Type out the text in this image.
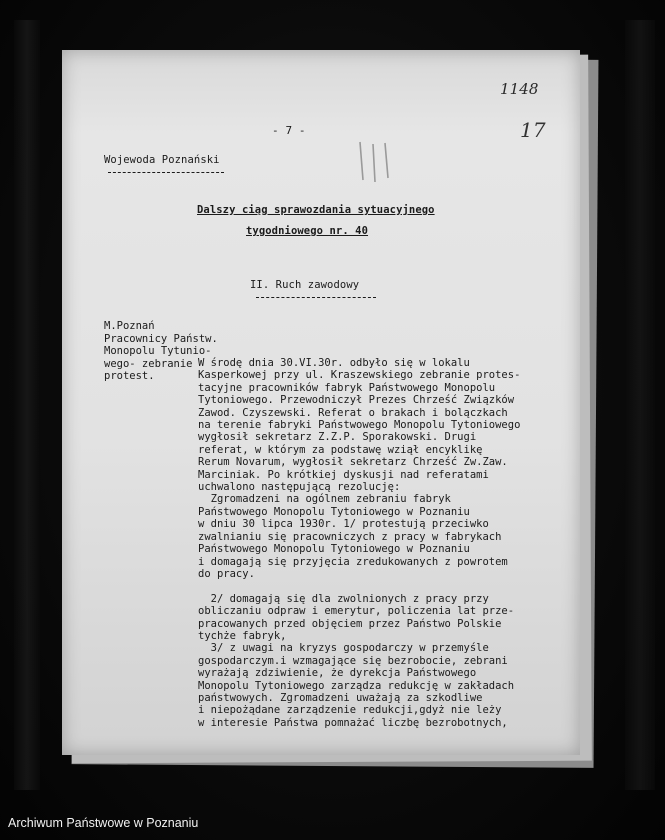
1148
17
- 7 -
Wojewoda Poznański
Dalszy ciąg sprawozdania sytuacyjnego
tygodniowego nr. 40
II. Ruch zawodowy
M.Poznań
Pracownicy Państw.
Monopolu Tytunio-
wego- zebranie
protest.
W środę dnia 30.VI.30r. odbyło się w lokalu
Kasperkowej przy ul. Kraszewskiego zebranie protes-
tacyjne pracowników fabryk Państwowego Monopolu
Tytoniowego. Przewodniczył Prezes Chrześć Związków
Zawod. Czyszewski. Referat o brakach i bolączkach
na terenie fabryki Państwowego Monopolu Tytoniowego
wygłosił sekretarz Z.Z.P. Sporakowski. Drugi
referat, w którym za podstawę wziął encyklikę
Rerum Novarum, wygłosił sekretarz Chrześć Zw.Zaw.
Marciniak. Po krótkiej dyskusji nad referatami
uchwalono następującą rezolucję:
Zgromadzeni na ogólnem zebraniu fabryk
Państwowego Monopolu Tytoniowego w Poznaniu
w dniu 30 lipca 1930r. 1/ protestują przeciwko
zwalnianiu się pracowniczych z pracy w fabrykach
Państwowego Monopolu Tytoniowego w Poznaniu
i domagają się przyjęcia zredukowanych z powrotem
do pracy.

2/ domagają się dla zwolnionych z pracy przy
obliczaniu odpraw i emerytur, policzenia lat prze-
pracowanych przed objęciem przez Państwo Polskie
tychże fabryk,
3/ z uwagi na kryzys gospodarczy w przemyśle
gospodarczym.i wzmagające się bezrobocie, zebrani
wyrażają zdziwienie, że dyrekcja Państwowego
Monopolu Tytoniowego zarządza redukcję w zakładach
państwowych. Zgromadzeni uważają za szkodliwe
i niepożądane zarządzenie redukcji,gdyż nie leży
w interesie Państwa pomnażać liczbę bezrobotnych,
Archiwum Państwowe w Poznaniu
